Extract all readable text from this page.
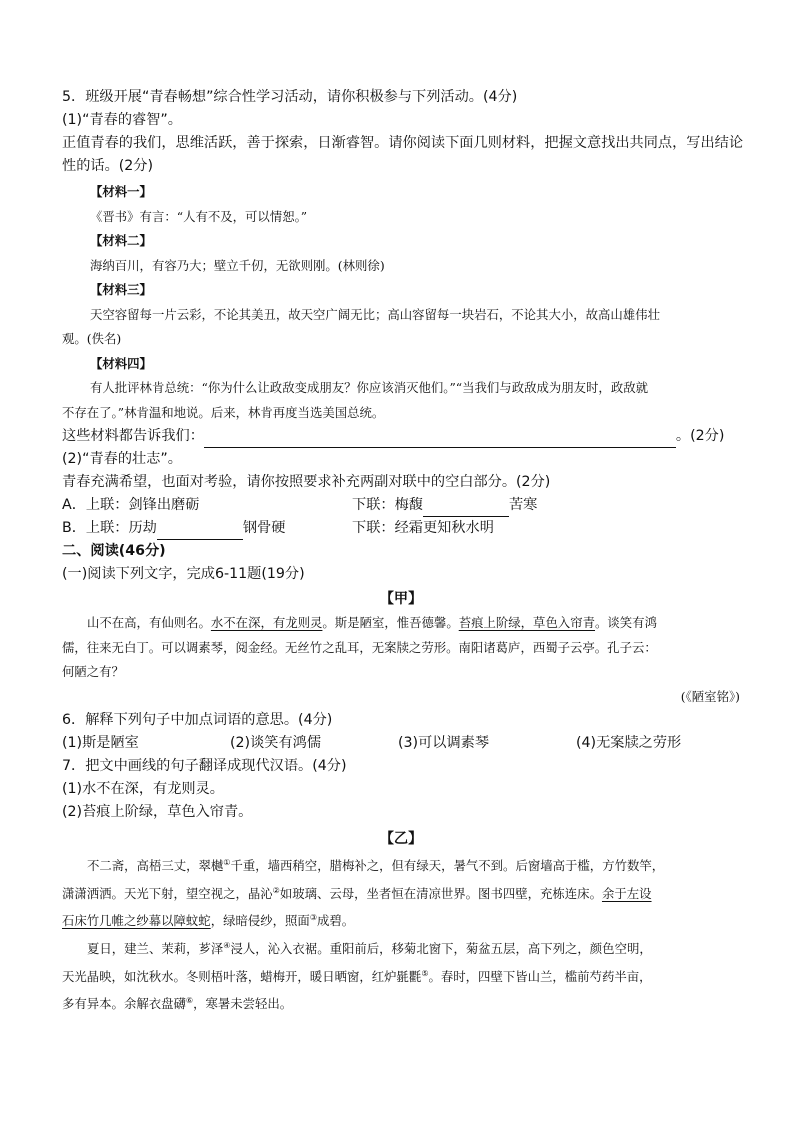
5．班级开展“青春畅想”综合性学习活动，请你积极参与下列活动。(4分)

(1)“青春的睿智”。

正值青春的我们，思维活跃，善于探索，日渐睿智。请你阅读下面几则材料，把握文意找出共同点，写出结论

性的话。(2分)

【材料一】

《晋书》有言：“人有不及，可以情恕。”

【材料二】

海纳百川，有容乃大；壁立千仞，无欲则刚。(林则徐)

【材料三】

天空容留每一片云彩，不论其美丑，故天空广阔无比；高山容留每一块岩石，不论其大小，故高山雄伟壮

观。(佚名)

【材料四】

有人批评林肯总统：“你为什么让政敌变成朋友？你应该消灭他们。”“当我们与政敌成为朋友时，政敌就

不存在了。”林肯温和地说。后来，林肯再度当选美国总统。

这些材料都告诉我们：	。(2分)

(2)“青春的壮志”。

青春充满希望，也面对考验，请你按照要求补充两副对联中的空白部分。(2分)

A．上联：剑锋出磨砺	下联：梅馥	苦寒
B．上联：历劫	钢骨硬	下联：经霜更知秋水明

二、阅读(46分)

(一)阅读下列文字，完成6-11题(19分)

【甲】

山不在高，有仙则名。水不在深，有龙则灵。斯是陋室，惟吾德馨。苔痕上阶绿，草色入帘青。谈笑有鸿

儒，往来无白丁。可以调素琴，阅金经。无丝竹之乱耳，无案牍之劳形。南阳诸葛庐，西蜀子云亭。孔子云：

何陋之有？

(《陋室铭》)

6．解释下列句子中加点词语的意思。(4分)

(1)斯是陋室	(2)谈笑有鸿儒	(3)可以调素琴	(4)无案牍之劳形

7．把文中画线的句子翻译成现代汉语。(4分)

(1)水不在深，有龙则灵。

(2)苔痕上阶绿，草色入帘青。

【乙】

不二斋，高梧三丈，翠樾①千重，墙西稍空，腊梅补之，但有绿天，暑气不到。后窗墙高于槛，方竹数竿，

潇潇洒洒。天光下射，望空视之，晶沁②如玻璃、云母，坐者恒在清凉世界。图书四壁，充栋连床。余于左设

石床竹几帷之纱幕以障蚊蛇，绿暗侵纱，照面③成碧。

夏日，建兰、茉莉，芗泽④浸人，沁入衣裾。重阳前后，移菊北窗下，菊盆五层，高下列之，颜色空明，

天光晶映，如沈秋水。冬则梧叶落，蜡梅开，暖日晒窗，红炉毾氍⑤。春时，四壁下皆山兰，槛前芍药半亩，

多有异本。余解衣盘礴⑥，寒暑未尝轻出。
